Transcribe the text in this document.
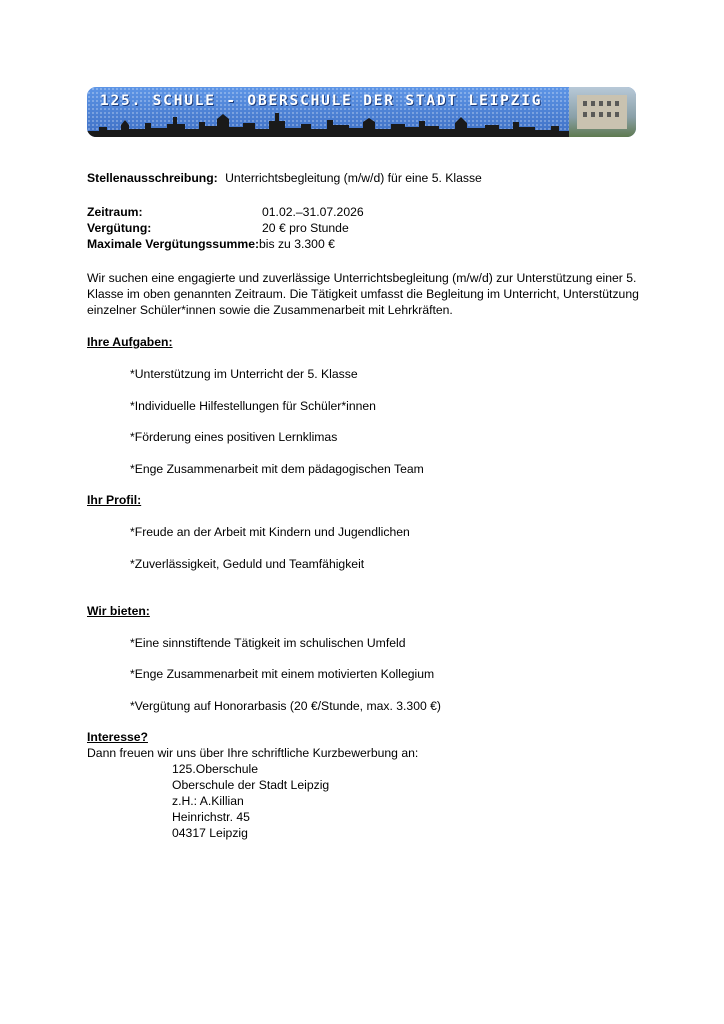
125. SCHULE - OBERSCHULE DER STADT LEIPZIG
Stellenausschreibung: Unterrichtsbegleitung (m/w/d) für eine 5. Klasse
Zeitraum:	01.02.–31.07.2026
Vergütung:	20 € pro Stunde
Maximale Vergütungssumme: bis zu 3.300 €
Wir suchen eine engagierte und zuverlässige Unterrichtsbegleitung (m/w/d) zur Unterstützung einer 5. Klasse im oben genannten Zeitraum. Die Tätigkeit umfasst die Begleitung im Unterricht, Unterstützung einzelner Schüler*innen sowie die Zusammenarbeit mit Lehrkräften.
Ihre Aufgaben:
*Unterstützung im Unterricht der 5. Klasse
*Individuelle Hilfestellungen für Schüler*innen
*Förderung eines positiven Lernklimas
*Enge Zusammenarbeit mit dem pädagogischen Team
Ihr Profil:
*Freude an der Arbeit mit Kindern und Jugendlichen
*Zuverlässigkeit, Geduld und Teamfähigkeit
Wir bieten:
*Eine sinnstiftende Tätigkeit im schulischen Umfeld
*Enge Zusammenarbeit mit einem motivierten Kollegium
*Vergütung auf Honorarbasis (20 €/Stunde, max. 3.300 €)
Interesse?
Dann freuen wir uns über Ihre schriftliche Kurzbewerbung an:
125.Oberschule
Oberschule der Stadt Leipzig
z.H.: A.Killian
Heinrichstr. 45
04317 Leipzig
